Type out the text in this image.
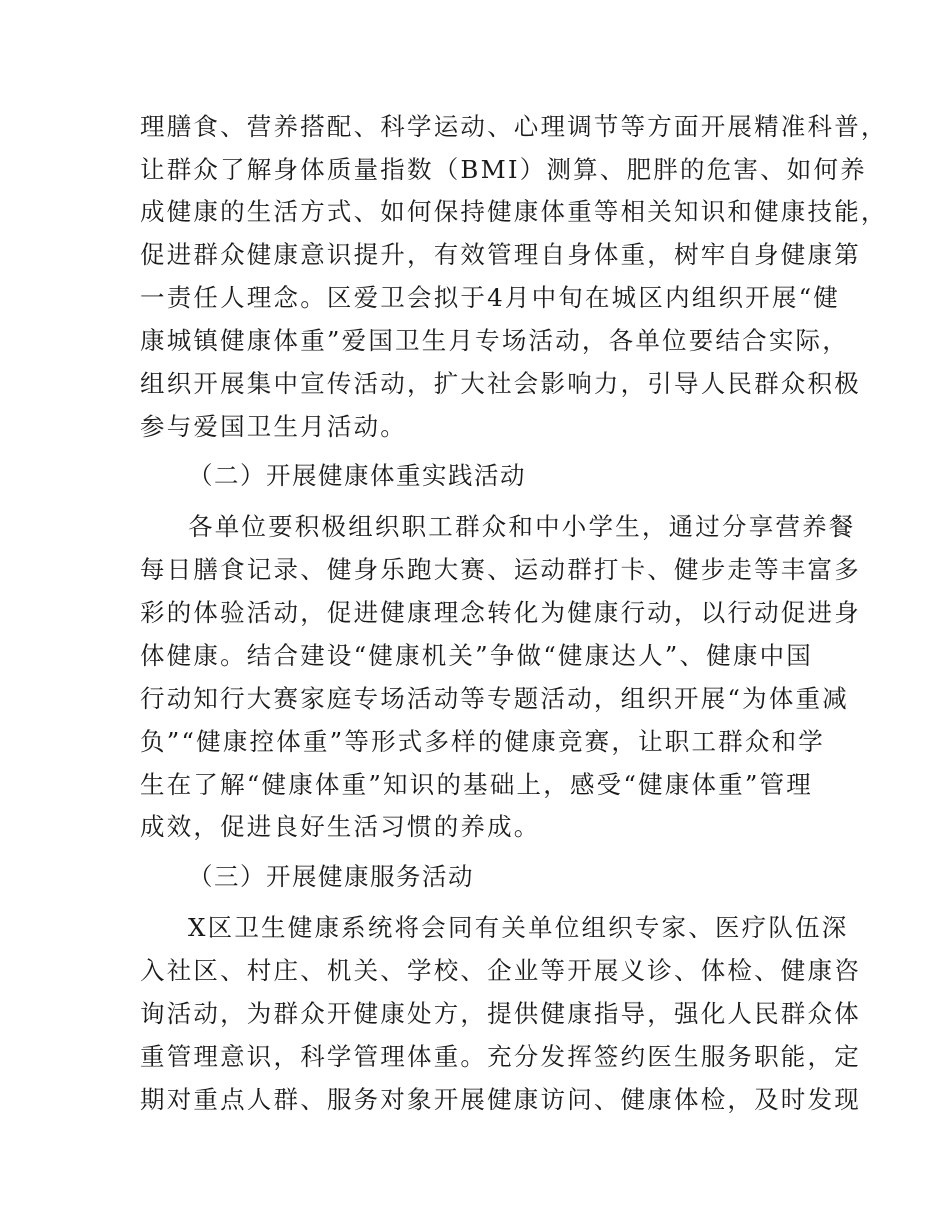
理膳食、营养搭配、科学运动、心理调节等方面开展精准科普，
让群众了解身体质量指数（BMI）测算、肥胖的危害、如何养
成健康的生活方式、如何保持健康体重等相关知识和健康技能，
促进群众健康意识提升，有效管理自身体重，树牢自身健康第
一责任人理念。区爱卫会拟于4月中旬在城区内组织开展“健
康城镇健康体重”爱国卫生月专场活动，各单位要结合实际，
组织开展集中宣传活动，扩大社会影响力，引导人民群众积极
参与爱国卫生月活动。
（二）开展健康体重实践活动
各单位要积极组织职工群众和中小学生，通过分享营养餐
每日膳食记录、健身乐跑大赛、运动群打卡、健步走等丰富多
彩的体验活动，促进健康理念转化为健康行动，以行动促进身
体健康。结合建设“健康机关”争做“健康达人”、健康中国
行动知行大赛家庭专场活动等专题活动，组织开展“为体重减
负”“健康控体重”等形式多样的健康竞赛，让职工群众和学
生在了解“健康体重”知识的基础上，感受“健康体重”管理
成效，促进良好生活习惯的养成。
（三）开展健康服务活动
X区卫生健康系统将会同有关单位组织专家、医疗队伍深
入社区、村庄、机关、学校、企业等开展义诊、体检、健康咨
询活动，为群众开健康处方，提供健康指导，强化人民群众体
重管理意识，科学管理体重。充分发挥签约医生服务职能，定
期对重点人群、服务对象开展健康访问、健康体检，及时发现
